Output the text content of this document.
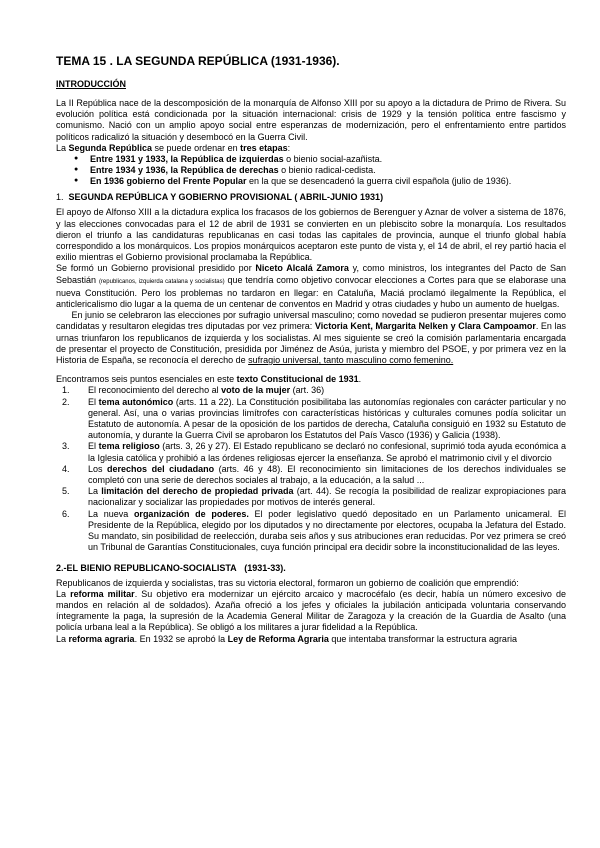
TEMA 15 . LA SEGUNDA REPÚBLICA (1931-1936).
INTRODUCCIÓN

La II República nace de la descomposición de la monarquía de Alfonso XIII por su apoyo a la dictadura de Primo de Rivera. Su evolución política está condicionada por la situación internacional: crisis de 1929 y la tensión política entre fascismo y comunismo. Nació con un amplio apoyo social entre esperanzas de modernización, pero el enfrentamiento entre partidos políticos radicalizó la situación y desembocó en la Guerra Civil.

La Segunda República se puede ordenar en tres etapas:

● Entre 1931 y 1933, la República de izquierdas o bienio social-azañista.
● Entre 1934 y 1936, la República de derechas o bienio radical-cedista.
● En 1936 gobierno del Frente Popular en la que se desencadenó la guerra civil española (julio de 1936).
1. SEGUNDA REPÚBLICA Y GOBIERNO PROVISIONAL ( ABRIL-JUNIO 1931)

El apoyo de Alfonso XIII a la dictadura explica los fracasos de los gobiernos de Berenguer y Aznar de volver a sistema de 1876, y las elecciones convocadas para el 12 de abril de 1931 se convierten en un plebiscito sobre la monarquía. Los resultados dieron el triunfo a las candidaturas republicanas en casi todas las capitales de provincia, aunque el triunfo global había correspondido a los monárquicos. Los propios monárquicos aceptaron este punto de vista y, el 14 de abril, el rey partió hacia el exilio mientras el Gobierno provisional proclamaba la República.

Se formó un Gobierno provisional presidido por Niceto Alcalá Zamora y, como ministros, los integrantes del Pacto de San Sebastián (republicanos, izquierda catalana y socialistas) que tendría como objetivo convocar elecciones a Cortes para que se elaborase una nueva Constitución. Pero los problemas no tardaron en llegar: en Cataluña, Maciá proclamó ilegalmente la República, el anticlericalismo dio lugar a la quema de un centenar de conventos en Madrid y otras ciudades y hubo un aumento de huelgas.

En junio se celebraron las elecciones por sufragio universal masculino; como novedad se pudieron presentar mujeres como candidatas y resultaron elegidas tres diputadas por vez primera: Victoria Kent, Margarita Nelken y Clara Campoamor. En las urnas triunfaron los republicanos de izquierda y los socialistas. Al mes siguiente se creó la comisión parlamentaria encargada de presentar el proyecto de Constitución, presidida por Jiménez de Asúa, jurista y miembro del PSOE, y por primera vez en la Historia de España, se reconocía el derecho de sufragio universal, tanto masculino como femenino.

Encontramos seis puntos esenciales en este texto Constitucional de 1931.

1.	El reconocimiento del derecho al voto de la mujer (art. 36)
2.	El tema autonómico (arts. 11 a 22). La Constitución posibilitaba las autonomías regionales con carácter particular y no general. Así, una o varias provincias limítrofes con características históricas y culturales comunes podía solicitar un Estatuto de autonomía. A pesar de la oposición de los partidos de derecha, Cataluña consiguió en 1932 su Estatuto de autonomía, y durante la Guerra Civil se aprobaron los Estatutos del País Vasco (1936) y Galicia (1938).
3.	El tema religioso (arts. 3, 26 y 27). El Estado republicano se declaró no confesional, suprimió toda ayuda económica a la Iglesia católica y prohibió a las órdenes religiosas ejercer la enseñanza. Se aprobó el matrimonio civil y el divorcio
4.	Los derechos del ciudadano (arts. 46 y 48). El reconocimiento sin limitaciones de los derechos individuales se completó con una serie de derechos sociales al trabajo, a la educación, a la salud ...
5.	La limitación del derecho de propiedad privada (art. 44). Se recogía la posibilidad de realizar expropiaciones para nacionalizar y socializar las propiedades por motivos de interés general.
6.	La nueva organización de poderes. El poder legislativo quedó depositado en un Parlamento unicameral. El Presidente de la República, elegido por los diputados y no directamente por electores, ocupaba la Jefatura del Estado. Su mandato, sin posibilidad de reelección, duraba seis años y sus atribuciones eran reducidas. Por vez primera se creó un Tribunal de Garantías Constitucionales, cuya función principal era decidir sobre la inconstitucionalidad de las leyes.
2.-EL BIENIO REPUBLICANO-SOCIALISTA (1931-33).

Republicanos de izquierda y socialistas, tras su victoria electoral, formaron un gobierno de coalición que emprendió:

La reforma militar. Su objetivo era modernizar un ejército arcaico y macrocéfalo (es decir, había un número excesivo de mandos en relación al de soldados). Azaña ofreció a los jefes y oficiales la jubilación anticipada voluntaria conservando íntegramente la paga, la supresión de la Academia General Militar de Zaragoza y la creación de la Guardia de Asalto (una policía urbana leal a la República). Se obligó a los militares a jurar fidelidad a la República.

La reforma agraria. En 1932 se aprobó la Ley de Reforma Agraria que intentaba transformar la estructura agraria
